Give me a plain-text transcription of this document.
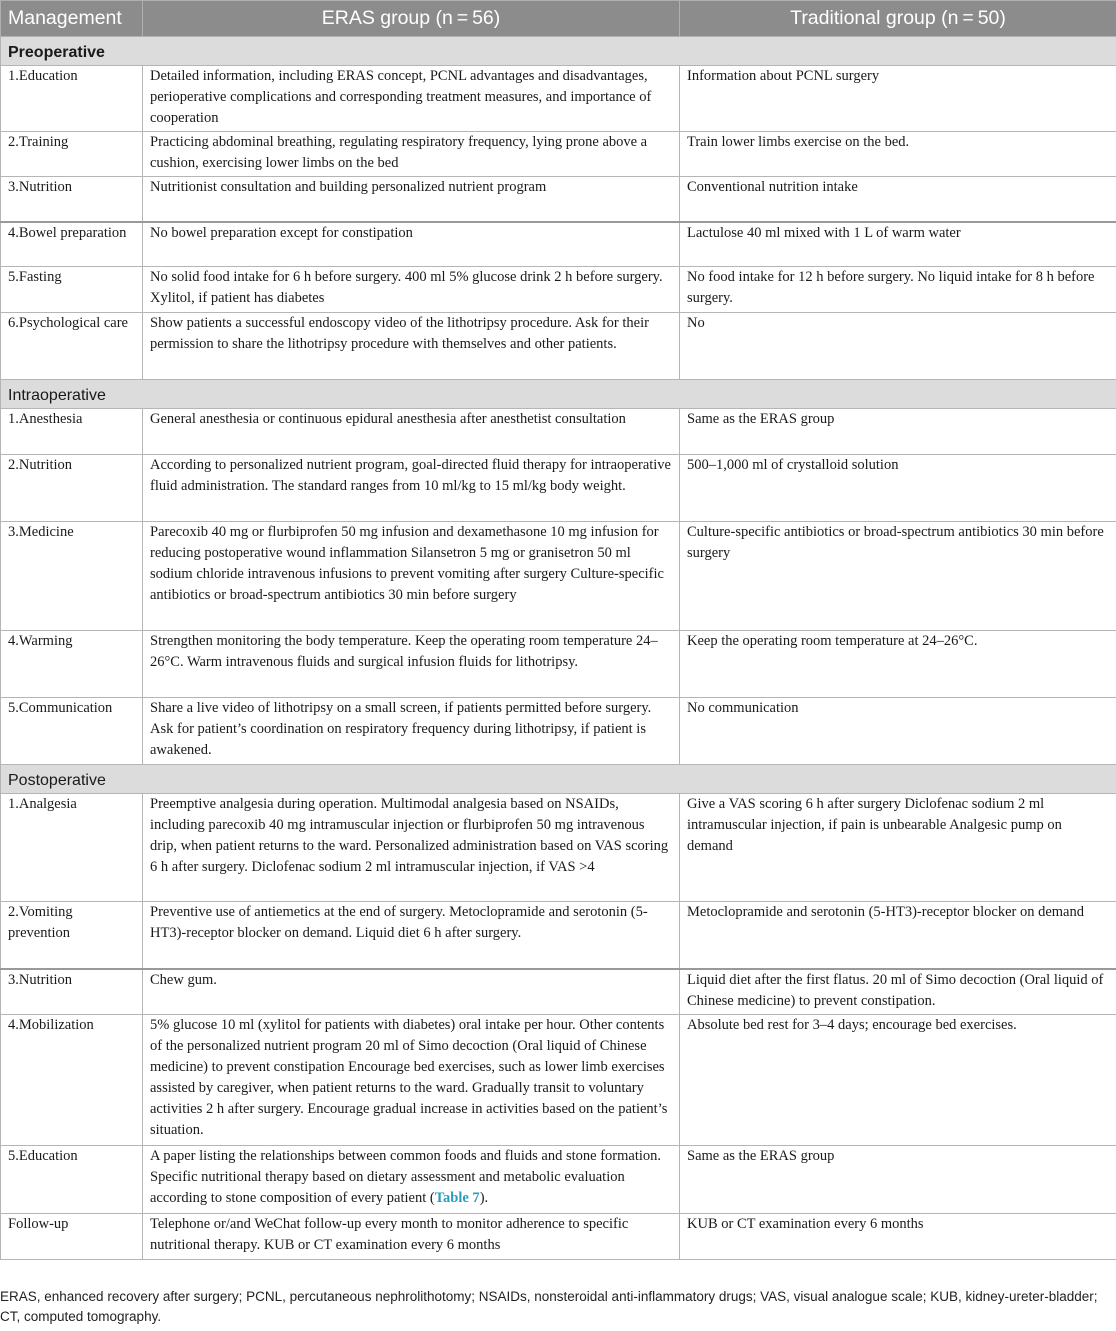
Management	ERAS group (n = 56)	Traditional group (n = 50)
Preoperative		
1.Education	Detailed information, including ERAS concept, PCNL advantages and disadvantages, perioperative complications and corresponding treatment measures, and importance of cooperation	Information about PCNL surgery
2.Training	Practicing abdominal breathing, regulating respiratory frequency, lying prone above a cushion, exercising lower limbs on the bed	Train lower limbs exercise on the bed.
3.Nutrition	Nutritionist consultation and building personalized nutrient program	Conventional nutrition intake
4.Bowel preparation	No bowel preparation except for constipation	Lactulose 40 ml mixed with 1 L of warm water
5.Fasting	No solid food intake for 6 h before surgery. 400 ml 5% glucose drink 2 h before surgery. Xylitol, if patient has diabetes	No food intake for 12 h before surgery. No liquid intake for 8 h before surgery.
6.Psychological care	Show patients a successful endoscopy video of the lithotripsy procedure. Ask for their permission to share the lithotripsy procedure with themselves and other patients.	No
Intraoperative		
1.Anesthesia	General anesthesia or continuous epidural anesthesia after anesthetist consultation	Same as the ERAS group
2.Nutrition	According to personalized nutrient program, goal-directed fluid therapy for intraoperative fluid administration. The standard ranges from 10 ml/kg to 15 ml/kg body weight.	500–1,000 ml of crystalloid solution
3.Medicine	Parecoxib 40 mg or flurbiprofen 50 mg infusion and dexamethasone 10 mg infusion for reducing postoperative wound inflammation Silansetron 5 mg or granisetron 50 ml sodium chloride intravenous infusions to prevent vomiting after surgery Culture-specific antibiotics or broad-spectrum antibiotics 30 min before surgery	Culture-specific antibiotics or broad-spectrum antibiotics 30 min before surgery
4.Warming	Strengthen monitoring the body temperature. Keep the operating room temperature 24–26°C. Warm intravenous fluids and surgical infusion fluids for lithotripsy.	Keep the operating room temperature at 24–26°C.
5.Communication	Share a live video of lithotripsy on a small screen, if patients permitted before surgery. Ask for patient’s coordination on respiratory frequency during lithotripsy, if patient is awakened.	No communication
Postoperative		
1.Analgesia	Preemptive analgesia during operation. Multimodal analgesia based on NSAIDs, including parecoxib 40 mg intramuscular injection or flurbiprofen 50 mg intravenous drip, when patient returns to the ward. Personalized administration based on VAS scoring 6 h after surgery. Diclofenac sodium 2 ml intramuscular injection, if VAS >4	Give a VAS scoring 6 h after surgery Diclofenac sodium 2 ml intramuscular injection, if pain is unbearable Analgesic pump on demand
2.Vomiting prevention	Preventive use of antiemetics at the end of surgery. Metoclopramide and serotonin (5-HT3)-receptor blocker on demand. Liquid diet 6 h after surgery.	Metoclopramide and serotonin (5-HT3)-receptor blocker on demand
3.Nutrition	Chew gum.	Liquid diet after the first flatus. 20 ml of Simo decoction (Oral liquid of Chinese medicine) to prevent constipation.
4.Mobilization	5% glucose 10 ml (xylitol for patients with diabetes) oral intake per hour. Other contents of the personalized nutrient program 20 ml of Simo decoction (Oral liquid of Chinese medicine) to prevent constipation Encourage bed exercises, such as lower limb exercises assisted by caregiver, when patient returns to the ward. Gradually transit to voluntary activities 2 h after surgery. Encourage gradual increase in activities based on the patient’s situation.	Absolute bed rest for 3–4 days; encourage bed exercises.
5.Education	A paper listing the relationships between common foods and fluids and stone formation. Specific nutritional therapy based on dietary assessment and metabolic evaluation according to stone composition of every patient (Table 7).	Same as the ERAS group
Follow-up	Telephone or/and WeChat follow-up every month to monitor adherence to specific nutritional therapy. KUB or CT examination every 6 months	KUB or CT examination every 6 months
ERAS, enhanced recovery after surgery; PCNL, percutaneous nephrolithotomy; NSAIDs, nonsteroidal anti-inflammatory drugs; VAS, visual analogue scale; KUB, kidney-ureter-bladder; CT, computed tomography.
